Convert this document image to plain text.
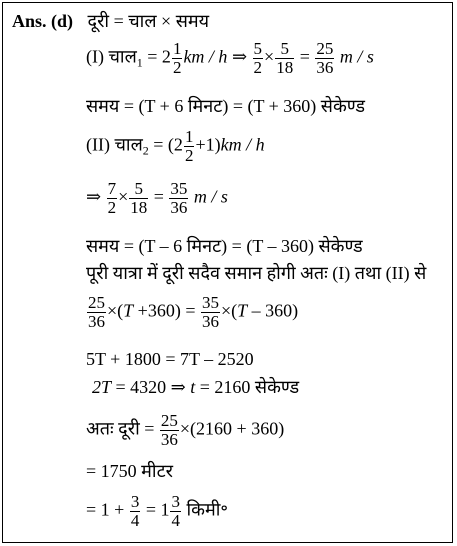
Ans. (d) दूरी = चाल × समय
(I) चाल$_1$ = $2 \frac{1}{2}$ km / h ⇒ $\frac{5}{2} \times \frac{5}{18} = \frac{25}{36}$ m / s
समय = (T + 6 मिनट) = (T + 360) सेकेण्ड
(II) चाल$_2$ = $(2 \frac{1}{2} +1)km / h$
⇒ $\frac{7}{2} \times \frac{5}{18} = \frac{35}{36}$ m / s
समय = (T – 6 मिनट) = (T – 360) सेकेण्ड
पूरी यात्रा में दूरी सदैव समान होगी अतः (I) तथा (II) से
$\frac{25}{36} \times(T +360) = \frac{35}{36} \times(T - 360)$
5T + 1800 = 7T – 2520
2T = 4320 ⇒ t = 2160 सेकेण्ड
अतः दूरी = $\frac{25}{36} \times(2160 + 360)$
= 1750 मीटर
= $1 + \frac{3}{4} = 1 \frac{3}{4}$ किमी॰
